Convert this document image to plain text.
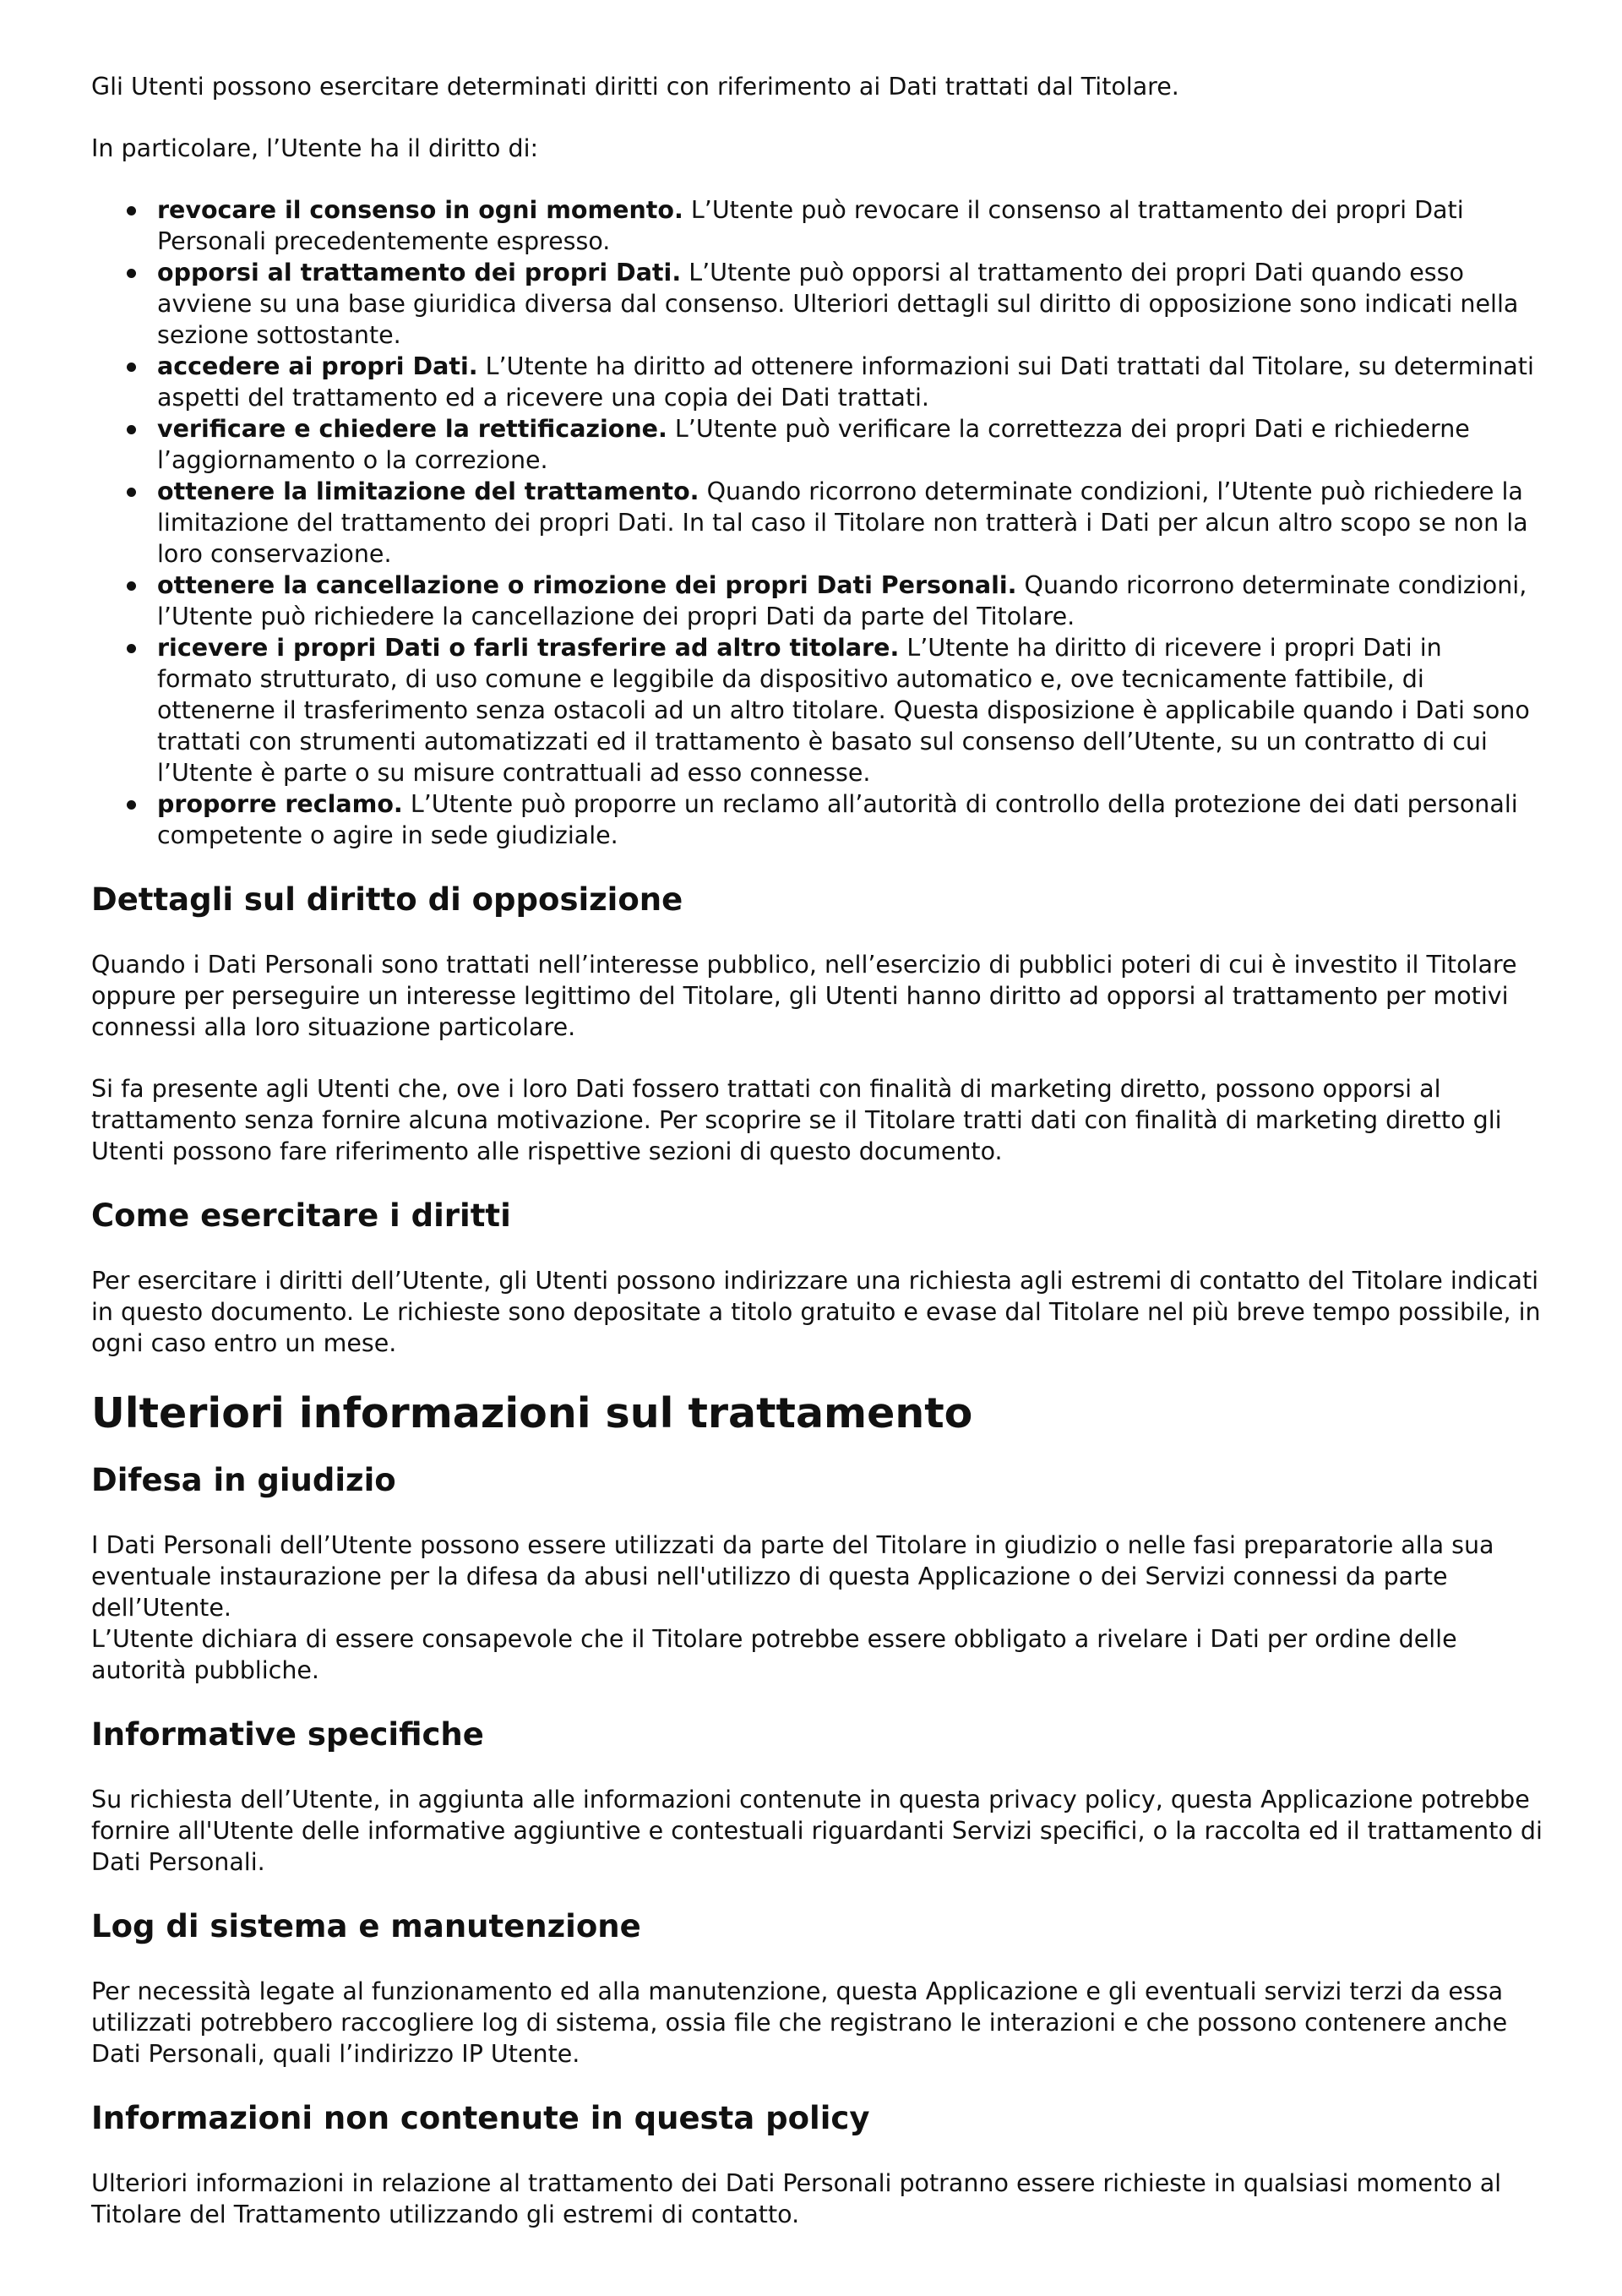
Gli Utenti possono esercitare determinati diritti con riferimento ai Dati trattati dal Titolare.

In particolare, l’Utente ha il diritto di:

revocare il consenso in ogni momento. L’Utente può revocare il consenso al trattamento dei propri Dati Personali precedentemente espresso.
opporsi al trattamento dei propri Dati. L’Utente può opporsi al trattamento dei propri Dati quando esso avviene su una base giuridica diversa dal consenso. Ulteriori dettagli sul diritto di opposizione sono indicati nella sezione sottostante.
accedere ai propri Dati. L’Utente ha diritto ad ottenere informazioni sui Dati trattati dal Titolare, su determinati aspetti del trattamento ed a ricevere una copia dei Dati trattati.
verificare e chiedere la rettificazione. L’Utente può verificare la correttezza dei propri Dati e richiederne l’aggiornamento o la correzione.
ottenere la limitazione del trattamento. Quando ricorrono determinate condizioni, l’Utente può richiedere la limitazione del trattamento dei propri Dati. In tal caso il Titolare non tratterà i Dati per alcun altro scopo se non la loro conservazione.
ottenere la cancellazione o rimozione dei propri Dati Personali. Quando ricorrono determinate condizioni, l’Utente può richiedere la cancellazione dei propri Dati da parte del Titolare.
ricevere i propri Dati o farli trasferire ad altro titolare. L’Utente ha diritto di ricevere i propri Dati in formato strutturato, di uso comune e leggibile da dispositivo automatico e, ove tecnicamente fattibile, di ottenerne il trasferimento senza ostacoli ad un altro titolare. Questa disposizione è applicabile quando i Dati sono trattati con strumenti automatizzati ed il trattamento è basato sul consenso dell’Utente, su un contratto di cui l’Utente è parte o su misure contrattuali ad esso connesse.
proporre reclamo. L’Utente può proporre un reclamo all’autorità di controllo della protezione dei dati personali competente o agire in sede giudiziale.
Dettagli sul diritto di opposizione

Quando i Dati Personali sono trattati nell’interesse pubblico, nell’esercizio di pubblici poteri di cui è investito il Titolare oppure per perseguire un interesse legittimo del Titolare, gli Utenti hanno diritto ad opporsi al trattamento per motivi connessi alla loro situazione particolare.

Si fa presente agli Utenti che, ove i loro Dati fossero trattati con finalità di marketing diretto, possono opporsi al trattamento senza fornire alcuna motivazione. Per scoprire se il Titolare tratti dati con finalità di marketing diretto gli Utenti possono fare riferimento alle rispettive sezioni di questo documento.

Come esercitare i diritti

Per esercitare i diritti dell’Utente, gli Utenti possono indirizzare una richiesta agli estremi di contatto del Titolare indicati in questo documento. Le richieste sono depositate a titolo gratuito e evase dal Titolare nel più breve tempo possibile, in ogni caso entro un mese.

Ulteriori informazioni sul trattamento
Difesa in giudizio

I Dati Personali dell’Utente possono essere utilizzati da parte del Titolare in giudizio o nelle fasi preparatorie alla sua eventuale instaurazione per la difesa da abusi nell'utilizzo di questa Applicazione o dei Servizi connessi da parte dell’Utente.
L’Utente dichiara di essere consapevole che il Titolare potrebbe essere obbligato a rivelare i Dati per ordine delle autorità pubbliche.

Informative specifiche

Su richiesta dell’Utente, in aggiunta alle informazioni contenute in questa privacy policy, questa Applicazione potrebbe fornire all'Utente delle informative aggiuntive e contestuali riguardanti Servizi specifici, o la raccolta ed il trattamento di Dati Personali.

Log di sistema e manutenzione

Per necessità legate al funzionamento ed alla manutenzione, questa Applicazione e gli eventuali servizi terzi da essa utilizzati potrebbero raccogliere log di sistema, ossia file che registrano le interazioni e che possono contenere anche Dati Personali, quali l’indirizzo IP Utente.

Informazioni non contenute in questa policy

Ulteriori informazioni in relazione al trattamento dei Dati Personali potranno essere richieste in qualsiasi momento al Titolare del Trattamento utilizzando gli estremi di contatto.
